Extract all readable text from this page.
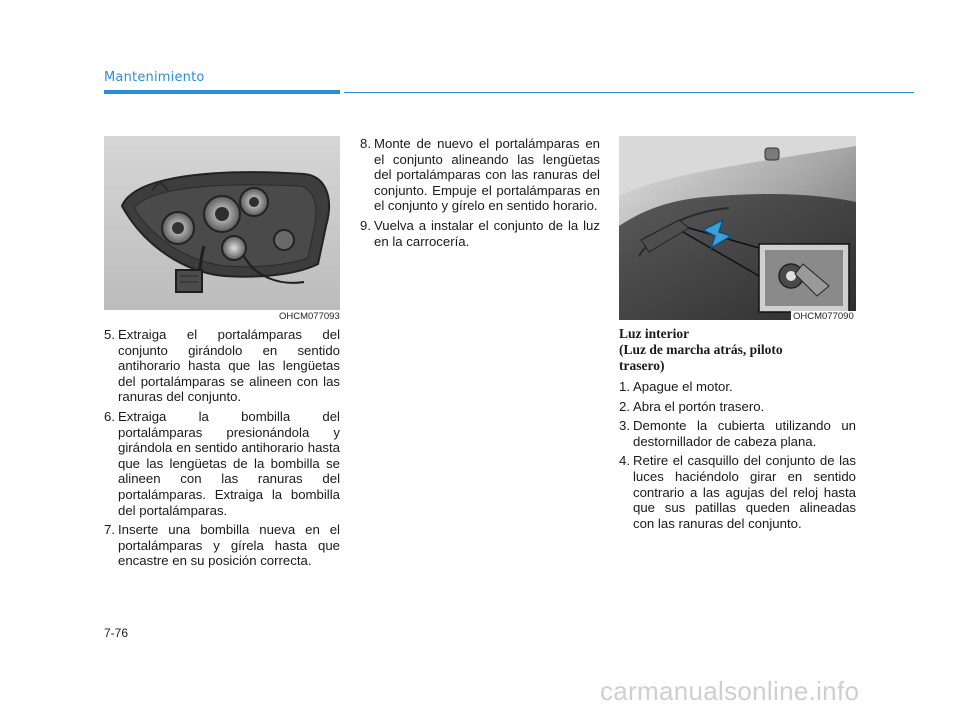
Mantenimiento
OHCM077093
5. Extraiga el portalámparas del conjunto girándolo en sentido antihorario hasta que las lengüetas del portalámparas se alineen con las ranuras del conjunto.
6. Extraiga la bombilla del portalámparas presionándola y girándola en sentido antihorario hasta que las lengüetas de la bombilla se alineen con las ranuras del portalámparas. Extraiga la bombilla del portalámparas.
7. Inserte una bombilla nueva en el portalámparas y gírela hasta que encastre en su posición correcta.
8. Monte de nuevo el portalámparas en el conjunto alineando las lengüetas del portalámparas con las ranuras del conjunto. Empuje el portalámparas en el conjunto y gírelo en sentido horario.
9. Vuelva a instalar el conjunto de la luz en la carrocería.
OHCM077090
Luz interior
(Luz de marcha atrás, piloto
trasero)
1. Apague el motor.
2. Abra el portón trasero.
3. Demonte la cubierta utilizando un destornillador de cabeza plana.
4. Retire el casquillo del conjunto de las luces haciéndolo girar en sentido contrario a las agujas del reloj hasta que sus patillas queden alineadas con las ranuras del conjunto.
7-76
carmanualsonline.info
